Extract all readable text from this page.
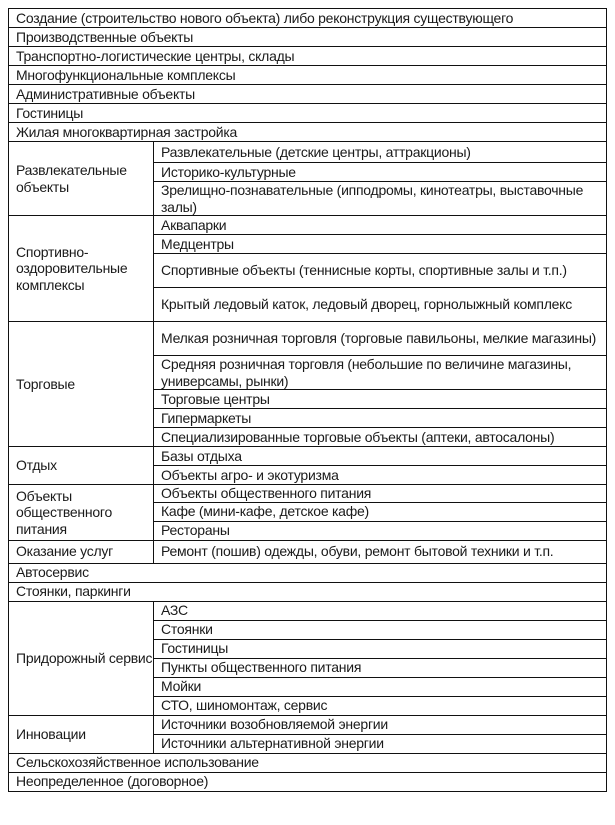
Создание (строительство нового объекта) либо реконструкция существующего	
Производственные объекты	
Транспортно-логистические центры, склады	
Многофункциональные комплексы	
Административные объекты	
Гостиницы	
Жилая многоквартирная застройка	
Развлекательные объекты	Развлекательные (детские центры, аттракционы)
	Историко-культурные
	Зрелищно-познавательные (ипподромы, кинотеатры, выставочные залы)
Спортивно-оздоровительные комплексы	Аквапарки
	Медцентры
	Спортивные объекты (теннисные корты, спортивные залы и т.п.)
	Крытый ледовый каток, ледовый дворец, горнолыжный комплекс
Торговые	Мелкая розничная торговля (торговые павильоны, мелкие магазины)
	Средняя розничная торговля (небольшие по величине магазины, универсамы, рынки)
	Торговые центры
	Гипермаркеты
	Специализированные торговые объекты (аптеки, автосалоны)
Отдых	Базы отдыха
	Объекты агро- и экотуризма
Объекты общественного питания	Объекты общественного питания
	Кафе (мини-кафе, детское кафе)
	Рестораны
Оказание услуг	Ремонт (пошив) одежды, обуви, ремонт бытовой техники и т.п.
Автосервис	
Стоянки, паркинги	
Придорожный сервис	АЗС
	Стоянки
	Гостиницы
	Пункты общественного питания
	Мойки
	СТО, шиномонтаж, сервис
Инновации	Источники возобновляемой энергии
	Источники альтернативной энергии
Сельскохозяйственное использование	
Неопределенное (договорное)	
